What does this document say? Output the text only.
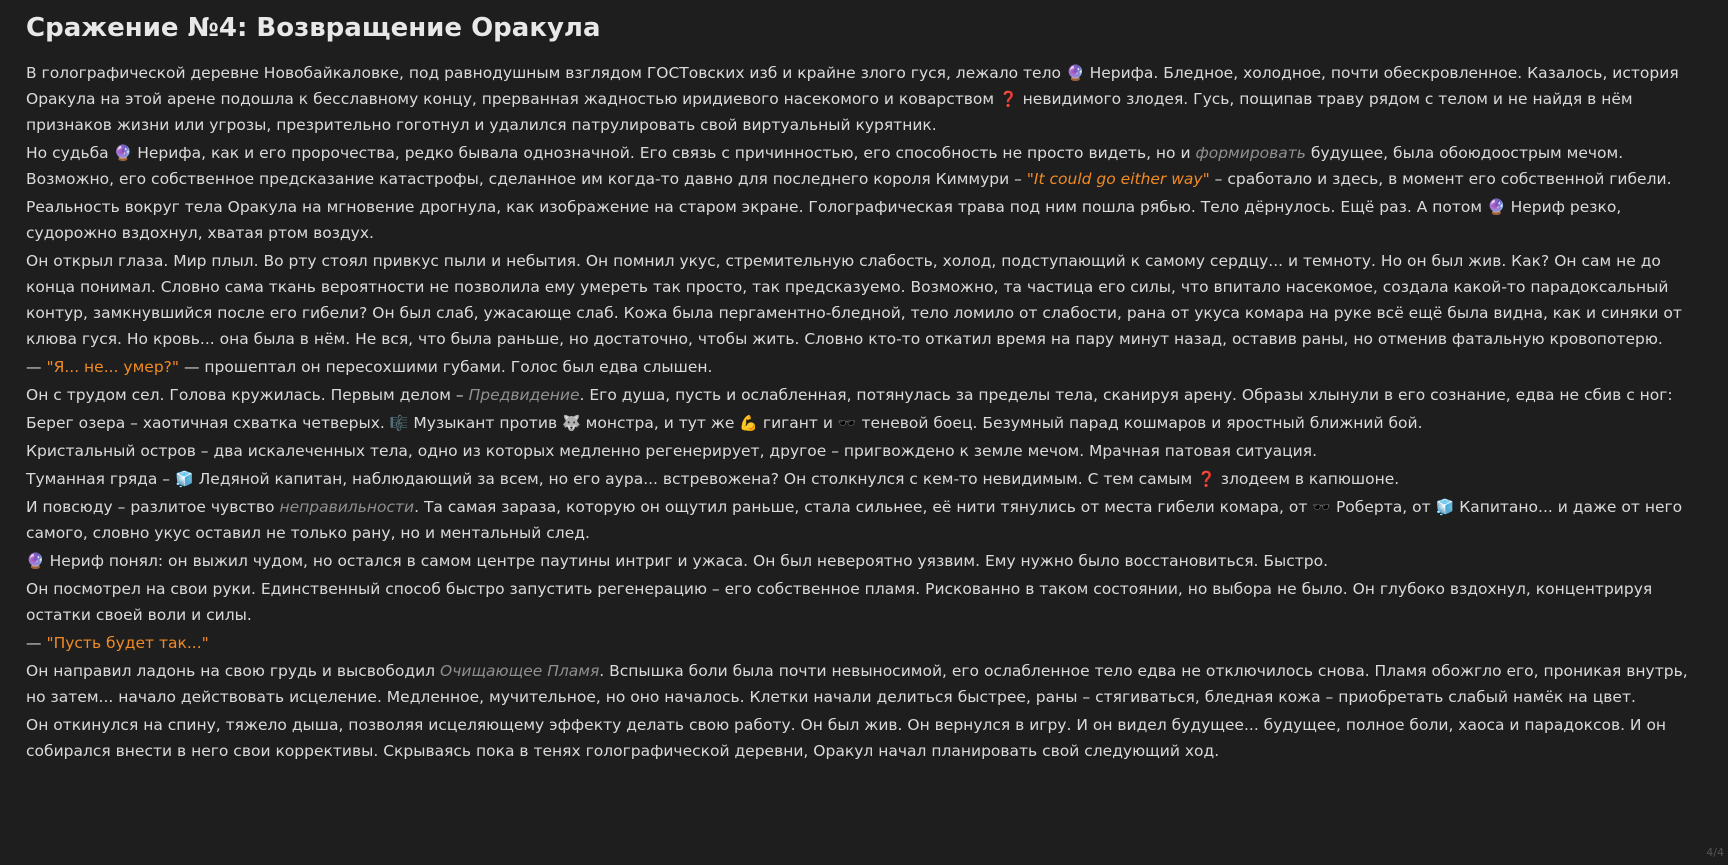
Сражение №4: Возвращение Оракула

В голографической деревне Новобайкаловке, под равнодушным взглядом ГОСТовских изб и крайне злого гуся, лежало тело 🔮 Нерифа. Бледное, холодное, почти обескровленное. Казалось, история Оракула на этой арене подошла к бесславному концу, прерванная жадностью иридиевого насекомого и коварством ❓ невидимого злодея. Гусь, пощипав траву рядом с телом и не найдя в нём признаков жизни или угрозы, презрительно гоготнул и удалился патрулировать свой виртуальный курятник.

Но судьба 🔮 Нерифа, как и его пророчества, редко бывала однозначной. Его связь с причинностью, его способность не просто видеть, но и формировать будущее, была обоюдоострым мечом. Возможно, его собственное предсказание катастрофы, сделанное им когда-то давно для последнего короля Киммури – "It could go either way" – сработало и здесь, в момент его собственной гибели.

Реальность вокруг тела Оракула на мгновение дрогнула, как изображение на старом экране. Голографическая трава под ним пошла рябью. Тело дёрнулось. Ещё раз. А потом 🔮 Нериф резко, судорожно вздохнул, хватая ртом воздух.

Он открыл глаза. Мир плыл. Во рту стоял привкус пыли и небытия. Он помнил укус, стремительную слабость, холод, подступающий к самому сердцу... и темноту. Но он был жив. Как? Он сам не до конца понимал. Словно сама ткань вероятности не позволила ему умереть так просто, так предсказуемо. Возможно, та частица его силы, что впитало насекомое, создала какой-то парадоксальный контур, замкнувшийся после его гибели? Он был слаб, ужасающе слаб. Кожа была пергаментно-бледной, тело ломило от слабости, рана от укуса комара на руке всё ещё была видна, как и синяки от клюва гуся. Но кровь... она была в нём. Не вся, что была раньше, но достаточно, чтобы жить. Словно кто-то откатил время на пару минут назад, оставив раны, но отменив фатальную кровопотерю.

— "Я... не... умер?" — прошептал он пересохшими губами. Голос был едва слышен.

Он с трудом сел. Голова кружилась. Первым делом – Предвидение. Его душа, пусть и ослабленная, потянулась за пределы тела, сканируя арену. Образы хлынули в его сознание, едва не сбив с ног:

Берег озера – хаотичная схватка четверых. 🎼 Музыкант против 🐺 монстра, и тут же 💪 гигант и 🕶️ теневой боец. Безумный парад кошмаров и яростный ближний бой.

Кристальный остров – два искалеченных тела, одно из которых медленно регенерирует, другое – пригвождено к земле мечом. Мрачная патовая ситуация.

Туманная гряда – 🧊 Ледяной капитан, наблюдающий за всем, но его аура... встревожена? Он столкнулся с кем-то невидимым. С тем самым ❓ злодеем в капюшоне.

И повсюду – разлитое чувство неправильности. Та самая зараза, которую он ощутил раньше, стала сильнее, её нити тянулись от места гибели комара, от 🕶️ Роберта, от 🧊 Капитано... и даже от него самого, словно укус оставил не только рану, но и ментальный след.

🔮 Нериф понял: он выжил чудом, но остался в самом центре паутины интриг и ужаса. Он был невероятно уязвим. Ему нужно было восстановиться. Быстро.

Он посмотрел на свои руки. Единственный способ быстро запустить регенерацию – его собственное пламя. Рискованно в таком состоянии, но выбора не было. Он глубоко вздохнул, концентрируя остатки своей воли и силы.

— "Пусть будет так..."

Он направил ладонь на свою грудь и высвободил Очищающее Пламя. Вспышка боли была почти невыносимой, его ослабленное тело едва не отключилось снова. Пламя обожгло его, проникая внутрь, но затем... начало действовать исцеление. Медленное, мучительное, но оно началось. Клетки начали делиться быстрее, раны – стягиваться, бледная кожа – приобретать слабый намёк на цвет.

Он откинулся на спину, тяжело дыша, позволяя исцеляющему эффекту делать свою работу. Он был жив. Он вернулся в игру. И он видел будущее... будущее, полное боли, хаоса и парадоксов. И он собирался внести в него свои коррективы. Скрываясь пока в тенях голографической деревни, Оракул начал планировать свой следующий ход.

4/4
